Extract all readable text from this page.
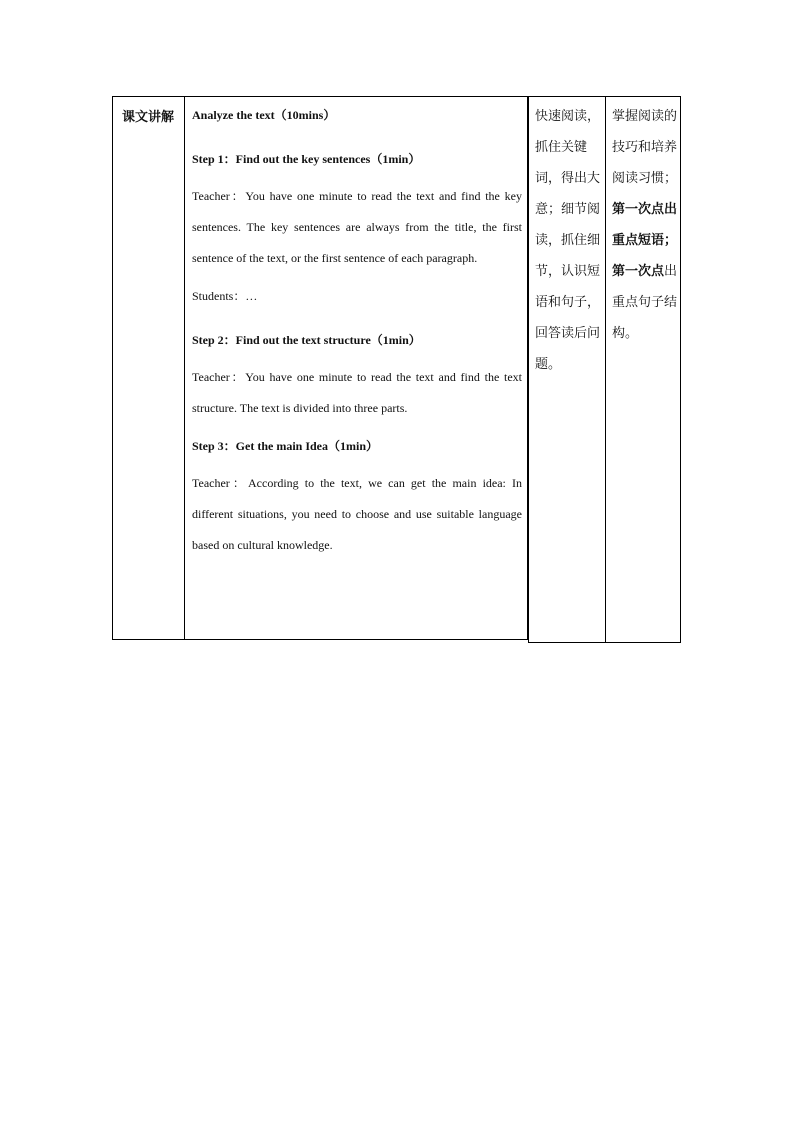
课文讲解 Analyze the text（10mins）

Step 1：Find out the key sentences（1min）

Teacher：You have one minute to read the text and find the key sentences. The key sentences are always from the title, the first sentence of the text, or the first sentence of each paragraph.

Students：…

Step 2：Find out the text structure（1min）

Teacher：You have one minute to read the text and find the text structure. The text is divided into three parts.

Step 3：Get the main Idea（1min）

Teacher：According to the text, we can get the main idea: In different situations, you need to choose and use suitable language based on cultural knowledge.

快速阅读，抓住关键词，得出大意；细节阅读，抓住细节，认识短语和句子，回答读后问题。
掌握阅读的技巧和培养阅读习惯；第一次点出重点短语；第一次点出重点句子结构。
